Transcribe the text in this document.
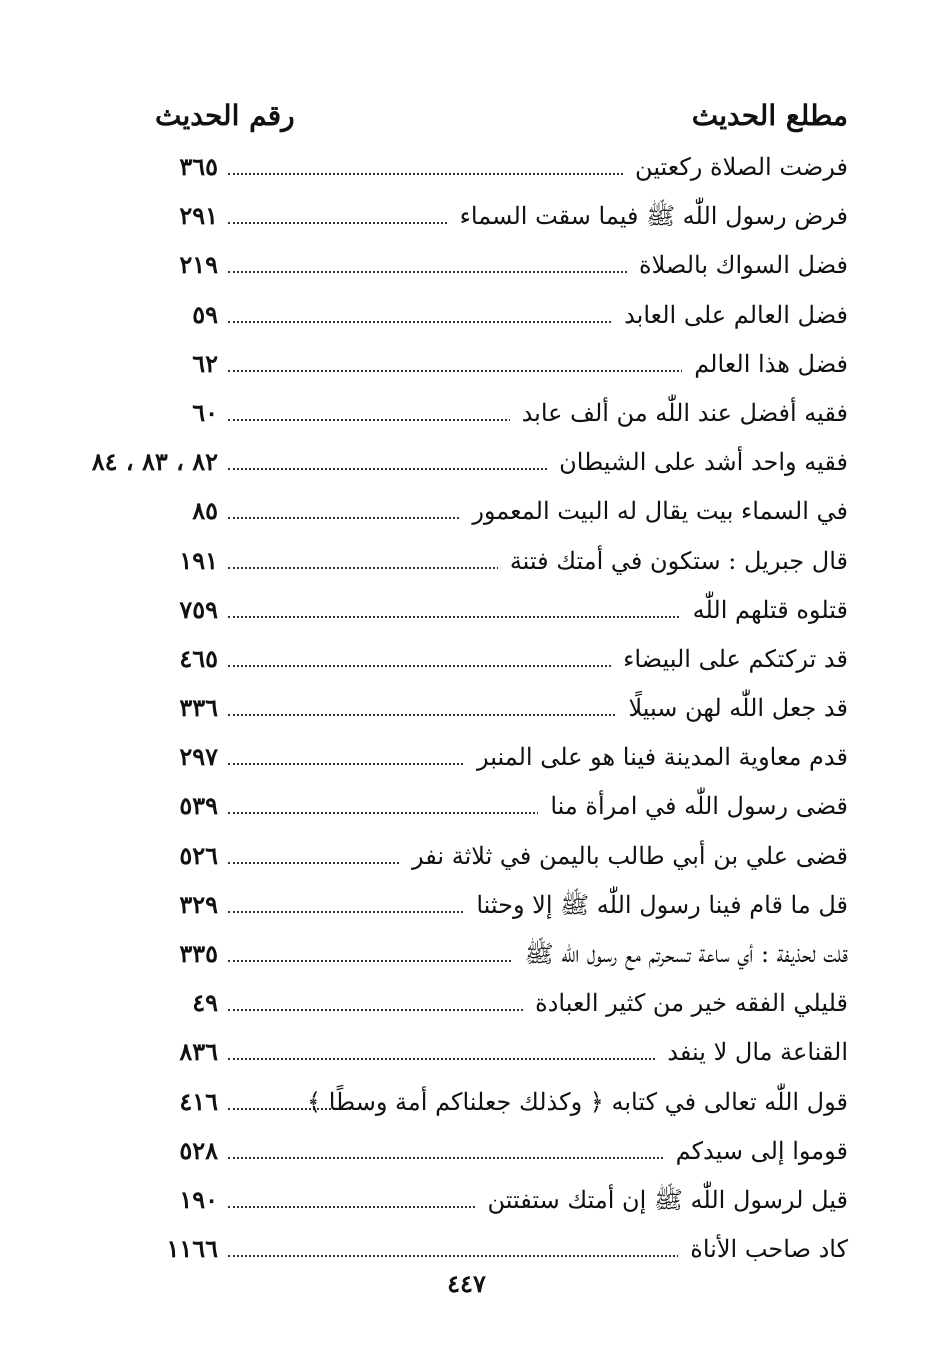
مطلع الحديث
رقم الحديث
فرضت الصلاة ركعتين
٣٦٥
فرض رسول اللّٰه ﷺ فيما سقت السماء
٢٩١
فضل السواك بالصلاة
٢١٩
فضل العالم على العابد
٥٩
فضل هذا العالم
٦٢
فقيه أفضل عند اللّٰه من ألف عابد
٦٠
فقيه واحد أشد على الشيطان
٨٢ ، ٨٣ ، ٨٤
في السماء بيت يقال له البيت المعمور
٨٥
قال جبريل : ستكون في أمتك فتنة
١٩١
قتلوه قتلهم اللّٰه
٧٥٩
قد تركتكم على البيضاء
٤٦٥
قد جعل اللّٰه لهن سبيلًا
٣٣٦
قدم معاوية المدينة فينا هو على المنبر
٢٩٧
قضى رسول اللّٰه في امرأة منا
٥٣٩
قضى علي بن أبي طالب باليمن في ثلاثة نفر
٥٢٦
قل ما قام فينا رسول اللّٰه ﷺ إلا وحثنا
٣٢٩
قلت لحذيفة : أي ساعة تسحرتم مع رسول اللّٰه ﷺ
٣٣٥
قليلي الفقه خير من كثير العبادة
٤٩
القناعة مال لا ينفد
٨٣٦
قول اللّٰه تعالى في كتابه ﴿ وكذلك جعلناكم أمة وسطًا ﴾
٤١٦
قوموا إلى سيدكم
٥٢٨
قيل لرسول اللّٰه ﷺ إن أمتك ستفتتن
١٩٠
كاد صاحب الأناة
١١٦٦
٤٤٧
